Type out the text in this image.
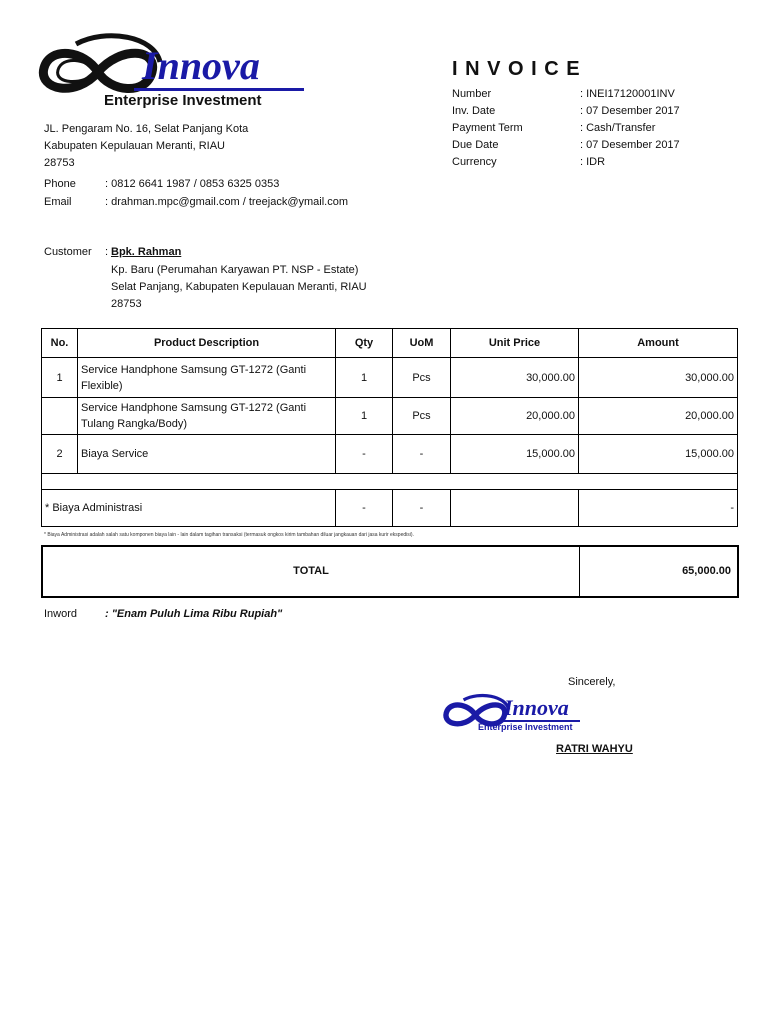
Innova
Enterprise Investment
JL. Pengaram No. 16, Selat Panjang Kota
Kabupaten Kepulauan Meranti, RIAU
28753
Phone	: 0812 6641 1987 / 0853 6325 0353
Email	: drahman.mpc@gmail.com / treejack@ymail.com
I N V O I C E
Number	: INEI17120001INV
Inv. Date	: 07 Desember 2017
Payment Term	: Cash/Transfer
Due Date	: 07 Desember 2017
Currency	: IDR
Customer : Bpk. Rahman
Kp. Baru (Perumahan Karyawan PT. NSP - Estate)
Selat Panjang, Kabupaten Kepulauan Meranti, RIAU
28753
No.	Product Description	Qty	UoM	Unit Price	Amount
1	Service Handphone Samsung GT-1272 (Ganti Flexible)	1	Pcs	30,000.00	30,000.00
	Service Handphone Samsung GT-1272 (Ganti Tulang Rangka/Body)	1	Pcs	20,000.00	20,000.00
2	Biaya Service	-	-	15,000.00	15,000.00

* Biaya Administrasi		-	-		-
* Biaya Administrasi adalah salah satu komponen biaya lain - lain dalam tagihan transaksi (termasuk ongkos kirim tambahan diluar jangkauan dari jasa kurir ekspedisi).
TOTAL	65,000.00
Inword	: "Enam Puluh Lima Ribu Rupiah"
Sincerely,
Innova
Enterprise Investment
RATRI WAHYU
